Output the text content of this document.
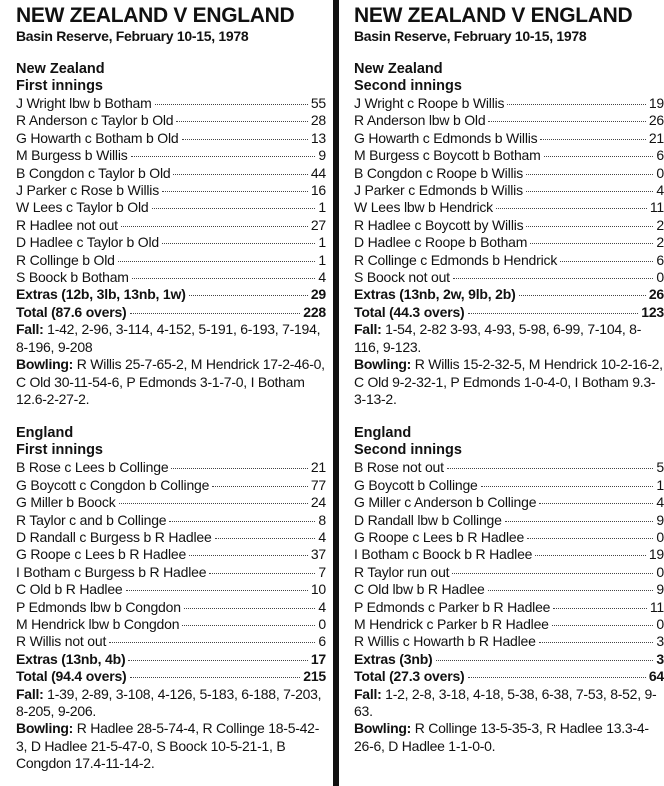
NEW ZEALAND V ENGLAND
Basin Reserve, February 10-15, 1978
New Zealand
First innings
J Wright lbw b Botham	55
R Anderson c Taylor b Old	28
G Howarth c Botham b Old	13
M Burgess b Willis	9
B Congdon c Taylor b Old	44
J Parker c Rose b Willis	16
W Lees c Taylor b Old	1
R Hadlee not out	27
D Hadlee c Taylor b Old	1
R Collinge b Old	1
S Boock b Botham	4
Extras (12b, 3lb, 13nb, 1w)	29
Total (87.6 overs)	228
Fall: 1-42, 2-96, 3-114, 4-152, 5-191, 6-193, 7-194, 8-196, 9-208
Bowling: R Willis 25-7-65-2, M Hendrick 17-2-46-0, C Old 30-11-54-6, P Edmonds 3-1-7-0, I Botham 12.6-2-27-2.
England
First innings
B Rose c Lees b Collinge	21
G Boycott c Congdon b Collinge	77
G Miller b Boock	24
R Taylor c and b Collinge	8
D Randall c Burgess b R Hadlee	4
G Roope c Lees b R Hadlee	37
I Botham c Burgess b R Hadlee	7
C Old b R Hadlee	10
P Edmonds lbw b Congdon	4
M Hendrick lbw b Congdon	0
R Willis not out	6
Extras (13nb, 4b)	17
Total (94.4 overs)	215
Fall: 1-39, 2-89, 3-108, 4-126, 5-183, 6-188, 7-203, 8-205, 9-206.
Bowling: R Hadlee 28-5-74-4, R Collinge 18-5-42-3, D Hadlee 21-5-47-0, S Boock 10-5-21-1, B Congdon 17.4-11-14-2.
NEW ZEALAND V ENGLAND
Basin Reserve, February 10-15, 1978
New Zealand
Second innings
J Wright c Roope b Willis	19
R Anderson lbw b Old	26
G Howarth c Edmonds b Willis	21
M Burgess c Boycott b Botham	6
B Congdon c Roope b Willis	0
J Parker c Edmonds b Willis	4
W Lees lbw b Hendrick	11
R Hadlee c Boycott by Willis	2
D Hadlee c Roope b Botham	2
R Collinge c Edmonds b Hendrick	6
S Boock not out	0
Extras (13nb, 2w, 9lb, 2b)	26
Total (44.3 overs)	123
Fall: 1-54, 2-82 3-93, 4-93, 5-98, 6-99, 7-104, 8-116, 9-123.
Bowling: R Willis 15-2-32-5, M Hendrick 10-2-16-2, C Old 9-2-32-1, P Edmonds 1-0-4-0, I Botham 9.3-3-13-2.
England
Second innings
B Rose not out	5
G Boycott b Collinge	1
G Miller c Anderson b Collinge	4
D Randall lbw b Collinge	9
G Roope c Lees b R Hadlee	0
I Botham c Boock b R Hadlee	19
R Taylor run out	0
C Old lbw b R Hadlee	9
P Edmonds c Parker b R Hadlee	11
M Hendrick c Parker b R Hadlee	0
R Willis c Howarth b R Hadlee	3
Extras (3nb)	3
Total (27.3 overs)	64
Fall: 1-2, 2-8, 3-18, 4-18, 5-38, 6-38, 7-53, 8-52, 9-63.
Bowling: R Collinge 13-5-35-3, R Hadlee 13.3-4-26-6, D Hadlee 1-1-0-0.
